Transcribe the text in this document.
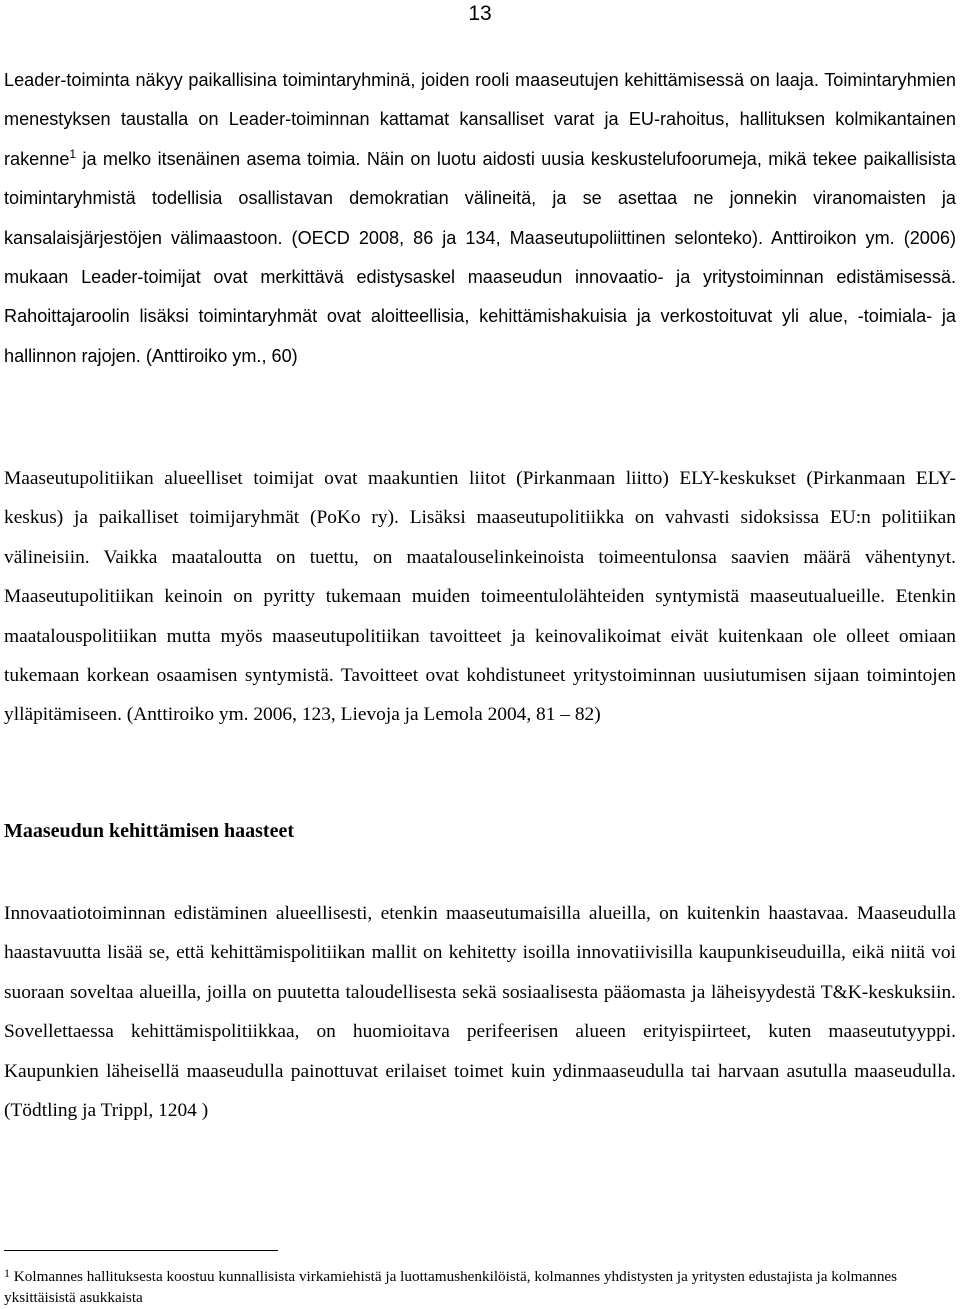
13

Leader-toiminta näkyy paikallisina toimintaryhminä, joiden rooli maaseutujen kehittämisessä on laaja. Toimintaryhmien menestyksen taustalla on Leader-toiminnan kattamat kansalliset varat ja EU-rahoitus, hallituksen kolmikantainen rakenne$^1$ ja melko itsenäinen asema toimia. Näin on luotu aidosti uusia keskustelufoorumeja, mikä tekee paikallisista toimintaryhmistä todellisia osallistavan demokratian välineitä, ja se asettaa ne jonnekin viranomaisten ja kansalaisjärjestöjen välimaastoon. (OECD 2008, 86 ja 134, Maaseutupoliittinen selonteko). Anttiroikon ym. (2006) mukaan Leader-toimijat ovat merkittävä edistysaskel maaseudun innovaatio- ja yritystoiminnan edistämisessä. Rahoittajaroolin lisäksi toimintaryhmät ovat aloitteellisia, kehittämishakuisia ja verkostoituvat yli alue, -toimiala- ja hallinnon rajojen. (Anttiroiko ym., 60)

Maaseutupolitiikan alueelliset toimijat ovat maakuntien liitot (Pirkanmaan liitto) ELY-keskukset (Pirkanmaan ELY-keskus) ja paikalliset toimijaryhmät (PoKo ry). Lisäksi maaseutupolitiikka on vahvasti sidoksissa EU:n politiikan välineisiin. Vaikka maataloutta on tuettu, on maatalouselinkeinoista toimeentulonsa saavien määrä vähentynyt. Maaseutupolitiikan keinoin on pyritty tukemaan muiden toimeentulolähteiden syntymistä maaseutualueille. Etenkin maatalouspolitiikan mutta myös maaseutupolitiikan tavoitteet ja keinovalikoimat eivät kuitenkaan ole olleet omiaan tukemaan korkean osaamisen syntymistä. Tavoitteet ovat kohdistuneet yritystoiminnan uusiutumisen sijaan toimintojen ylläpitämiseen. (Anttiroiko ym. 2006, 123, Lievoja ja Lemola 2004, 81 – 82)

Maaseudun kehittämisen haasteet

Innovaatiotoiminnan edistäminen alueellisesti, etenkin maaseutumaisilla alueilla, on kuitenkin haastavaa. Maaseudulla haastavuutta lisää se, että kehittämispolitiikan mallit on kehitetty isoilla innovatiivisilla kaupunkiseuduilla, eikä niitä voi suoraan soveltaa alueilla, joilla on puutetta taloudellisesta sekä sosiaalisesta pääomasta ja läheisyydestä T&K-keskuksiin. Sovellettaessa kehittämispolitiikkaa, on huomioitava perifeerisen alueen erityispiirteet, kuten maaseututyyppi. Kaupunkien läheisellä maaseudulla painottuvat erilaiset toimet kuin ydinmaaseudulla tai harvaan asutulla maaseudulla. (Tödtling ja Trippl, 1204 )

$^1$ Kolmannes hallituksesta koostuu kunnallisista virkamiehistä ja luottamushenkilöistä, kolmannes yhdistysten ja yritysten edustajista ja kolmannes yksittäisistä asukkaista
